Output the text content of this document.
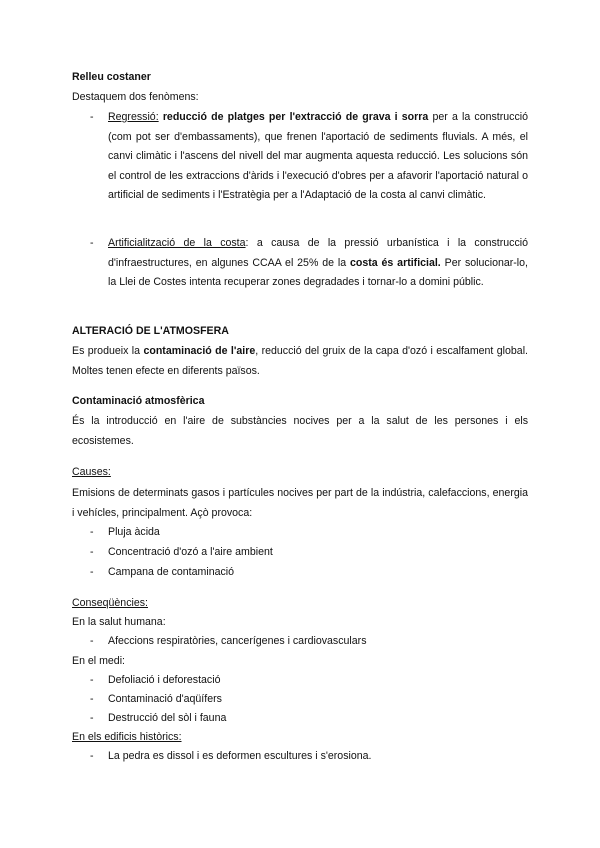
Relleu costaner
Destaquem dos fenòmens:
- Regressió: reducció de platges per l'extracció de grava i sorra per a la construcció (com pot ser d'embassaments), que frenen l'aportació de sediments fluvials. A més, el canvi climàtic i l'ascens del nivell del mar augmenta aquesta reducció. Les solucions són el control de les extraccions d'àrids i l'execució d'obres per a afavorir l'aportació natural o artificial de sediments i l'Estratègia per a l'Adaptació de la costa al canvi climàtic.
- Artificialització de la costa: a causa de la pressió urbanística i la construcció d'infraestructures, en algunes CCAA el 25% de la costa és artificial. Per solucionar-lo, la Llei de Costes intenta recuperar zones degradades i tornar-lo a domini públic.
ALTERACIÓ DE L'ATMOSFERA
Es produeix la contaminació de l'aire, reducció del gruix de la capa d'ozó i escalfament global. Moltes tenen efecte en diferents països.
Contaminació atmosfèrica
És la introducció en l'aire de substàncies nocives per a la salut de les persones i els ecosistemes.
Causes:
Emisions de determinats gasos i partícules nocives per part de la indústria, calefaccions, energia i vehícles, principalment. Açò provoca:
- Pluja àcida
- Concentració d'ozó a l'aire ambient
- Campana de contaminació
Conseqüències:
En la salut humana:
- Afeccions respiratòries, cancerígenes i cardiovasculars
En el medi:
- Defoliació i deforestació
- Contaminació d'aqüífers
- Destrucció del sòl i fauna
En els edificis històrics:
- La pedra es dissol i es deformen escultures i s'erosiona.
